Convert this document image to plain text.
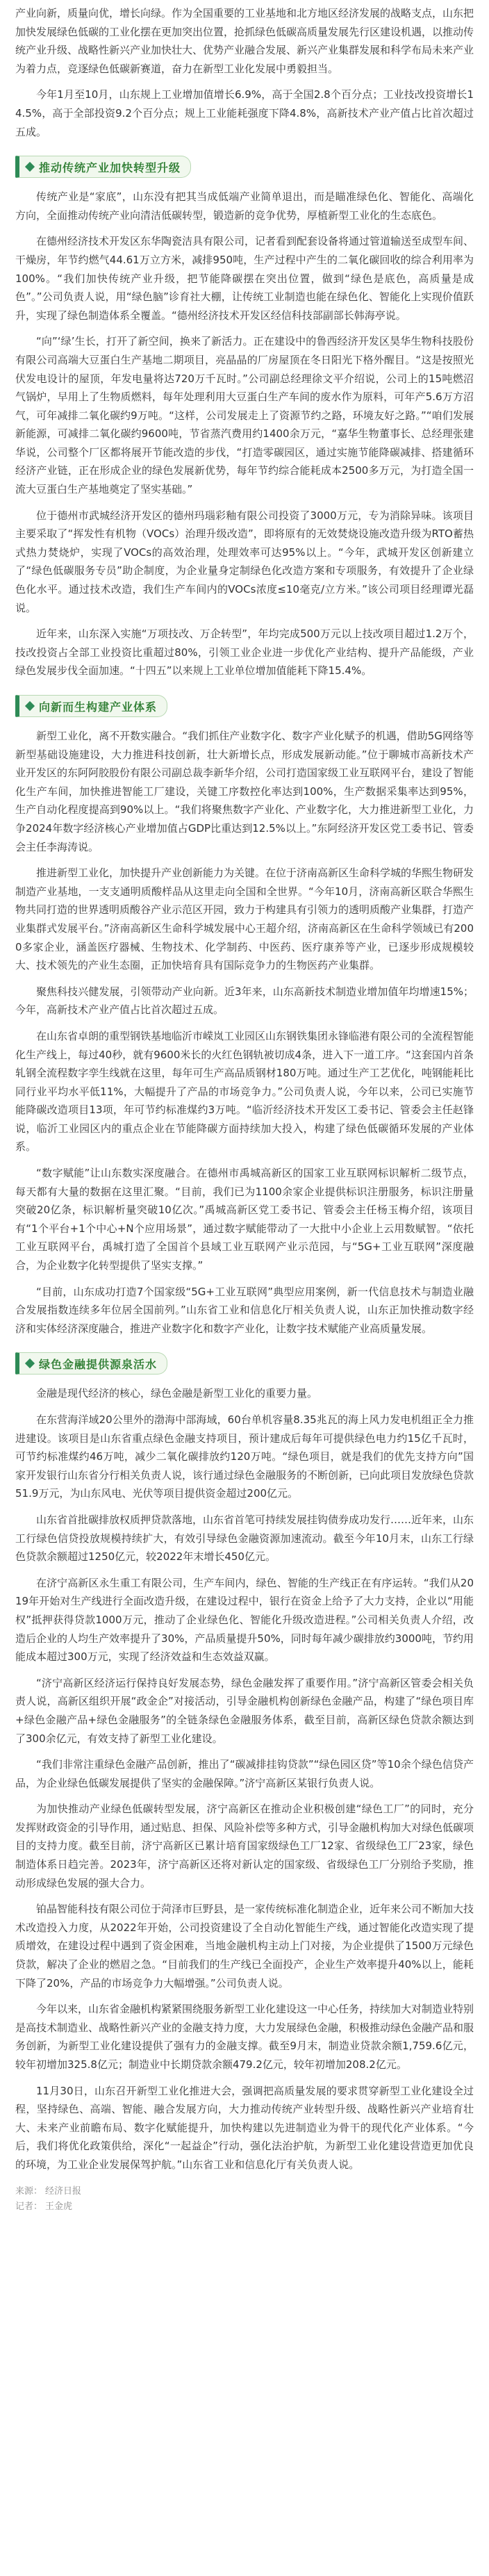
产业向新，质量向优，增长向绿。作为全国重要的工业基地和北方地区经济发展的战略支点，山东把加快发展绿色低碳的工业化摆在更加突出位置，抢抓绿色低碳高质量发展先行区建设机遇，以推动传统产业升级、战略性新兴产业加快壮大、优势产业融合发展、新兴产业集群发展和科学布局未来产业为着力点，竞逐绿色低碳新赛道，奋力在新型工业化发展中勇毅担当。

今年1月至10月，山东规上工业增加值增长6.9%，高于全国2.8个百分点；工业技改投资增长14.5%，高于全部投资9.2个百分点；规上工业能耗强度下降4.8%，高新技术产业产值占比首次超过五成。

推动传统产业加快转型升级

传统产业是“家底”，山东没有把其当成低端产业简单退出，而是瞄准绿色化、智能化、高端化方向，全面推动传统产业向清洁低碳转型，锻造新的竞争优势，厚植新型工业化的生态底色。

在德州经济技术开发区东华陶瓷洁具有限公司，记者看到配套设备将通过管道输送至成型车间、干燥房，年节约燃气44.61万立方米，减排950吨，生产过程中产生的二氧化碳回收的综合利用率为100%。“我们加快传统产业升级，把节能降碳摆在突出位置，做到“绿色是底色，高质量是成色”。”公司负责人说，用“绿色脑”诊育社大棚，让传统工业制造也能在绿色化、智能化上实现价值跃升，实现了绿色制造体系全覆盖。“德州经济技术开发区经信科技部副部长韩海亭说。

“向”‘绿’生长，打开了新空间，换来了新活力。正在建设中的鲁西经济开发区昊华生物科技股份有限公司高端大豆蛋白生产基地二期项目，亮晶晶的厂房屋顶在冬日阳光下格外醒目。“这是按照光伏发电设计的屋顶，年发电量将达720万千瓦时。”公司副总经理徐文平介绍说，公司上的15吨燃沼气锅炉，早用上了生物质燃料，每年处理利用大豆蛋白生产车间的废水作为原料，可年产5.6万方沼气，可年减排二氧化碳约9万吨。“这样，公司发展走上了资源节约之路，环境友好之路。”“咱们发展新能源，可减排二氧化碳约9600吨，节省蒸汽费用约1400余万元，“嘉华生物董事长、总经理张建华说，公司整个厂区都将展开节能改造的步伐，“打造零碳园区，通过实施节能降碳减排、搭建循环经济产业链，正在形成企业的绿色发展新优势，每年节约综合能耗成本2500多万元，为打造全国一流大豆蛋白生产基地奠定了坚实基础。”

位于德州市武城经济开发区的德州玛瑙彩釉有限公司投资了3000万元，专为消除异味。该项目主要采取了“挥发性有机物（VOCs）治理升级改造”，即将原有的无效焚烧设施改造升级为RTO蓄热式热力焚烧炉，实现了VOCs的高效治理，处理效率可达95%以上。“今年，武城开发区创新建立了“绿色低碳服务专员”助企制度，为企业量身定制绿色化改造方案和专项服务，有效提升了企业绿色化水平。通过技术改造，我们生产车间内的VOCs浓度≤10毫克/立方米。”该公司项目经理谭光磊说。

近年来，山东深入实施“万项技改、万企转型”，年均完成500万元以上技改项目超过1.2万个，技改投资占全部工业投资比重超过80%，引领工业企业进一步优化产业结构、提升产品能级，产业绿色发展步伐全面加速。“十四五”以来规上工业单位增加值能耗下降15.4%。

向新而生构建产业体系

新型工业化，离不开数实融合。“我们抓住产业数字化、数字产业化赋予的机遇，借助5G网络等新型基础设施建设，大力推进科技创新，壮大新增长点，形成发展新动能。”位于聊城市高新技术产业开发区的东阿阿胶股份有限公司副总裁李新华介绍，公司打造国家级工业互联网平台，建设了智能化生产车间，加快推进智能工厂建设，关键工序数控化率达到100%，生产数据采集率达到95%，生产自动化程度提高到90%以上。“我们将聚焦数字产业化、产业数字化，大力推进新型工业化，力争2024年数字经济核心产业增加值占GDP比重达到12.5%以上。”东阿经济开发区党工委书记、管委会主任李海涛说。

推进新型工业化，加快提升产业创新能力为关键。在位于济南高新区生命科学城的华熙生物研发制造产业基地，一支支通明质酸样品从这里走向全国和全世界。“今年10月，济南高新区联合华熙生物共同打造的世界透明质酸谷产业示范区开园，致力于构建具有引领力的透明质酸产业集群，打造产业集群式发展平台。”济南高新区生命科学城发展中心王超介绍，济南高新区在生命科学领域已有2000多家企业，涵盖医疗器械、生物技术、化学制药、中医药、医疗康养等产业，已逐步形成规模较大、技术领先的产业生态圈，正加快培育具有国际竞争力的生物医药产业集群。

聚焦科技兴健发展，引领带动产业向新。近3年来，山东高新技术制造业增加值年均增速15%；今年，高新技术产业产值占比首次超过五成。

在山东省卓朗的重型钢铁基地临沂市嵘岚工业园区山东钢铁集团永锋临港有限公司的全流程智能化生产线上，每过40秒，就有9600米长的火红色钢轨被切成4条，进入下一道工序。“这套国内首条轧钢全流程数字孪生线就在这里，每年可生产高品质钢材180万吨。通过生产工艺优化，吨钢能耗比同行业平均水平低11%，大幅提升了产品的市场竞争力。”公司负责人说，今年以来，公司已实施节能降碳改造项目13项，年可节约标准煤约3万吨。“临沂经济技术开发区工委书记、管委会主任赵锋说，临沂工业园区内的重点企业在节能降碳方面持续加大投入，构建了绿色低碳循环发展的产业体系。

“数字赋能”让山东数实深度融合。在德州市禹城高新区的国家工业互联网标识解析二级节点，每天都有大量的数据在这里汇聚。“目前，我们已为1100余家企业提供标识注册服务，标识注册量突破20亿条，标识解析量突破10亿次。”禹城高新区党工委书记、管委会主任杨玉梅介绍，该项目有“1个平台+1个中心+N个应用场景”，通过数字赋能带动了一大批中小企业上云用数赋智。“依托工业互联网平台，禹城打造了全国首个县域工业互联网产业示范园，与“5G+工业互联网”深度融合，为企业数字化转型提供了坚实支撑。”

“目前，山东成功打造7个国家级“5G+工业互联网”典型应用案例，新一代信息技术与制造业融合发展指数连续多年位居全国前列。”山东省工业和信息化厅相关负责人说，山东正加快推动数字经济和实体经济深度融合，推进产业数字化和数字产业化，让数字技术赋能产业高质量发展。

绿色金融提供源泉活水

金融是现代经济的核心，绿色金融是新型工业化的重要力量。

在东营海洋域20公里外的渤海中部海域，60台单机容量8.35兆瓦的海上风力发电机组正全力推进建设。该项目是山东省重点绿色金融支持项目，预计建成后每年可提供绿色电力约15亿千瓦时，可节约标准煤约46万吨，减少二氧化碳排放约120万吨。“绿色项目，就是我们的优先支持方向”国家开发银行山东省分行相关负责人说，该行通过绿色金融服务的不断创新，已向此项目发放绿色贷款51.9万元，为山东风电、光伏等项目提供资金超过200亿元。

山东省首批碳排放权质押贷款落地，山东省首笔可持续发展挂钩债券成功发行……近年来，山东工行绿色信贷投放规模持续扩大，有效引导绿色金融资源加速流动。截至今年10月末，山东工行绿色贷款余额超过1250亿元，较2022年末增长450亿元。

在济宁高新区永生重工有限公司，生产车间内，绿色、智能的生产线正在有序运转。“我们从2019年开始对生产线进行全面改造升级，在建设过程中，银行在资金上给予了大力支持，企业以“用能权”抵押获得贷款1000万元，推动了企业绿色化、智能化升级改造进程。”公司相关负责人介绍，改造后企业的人均生产效率提升了30%，产品质量提升50%，同时每年减少碳排放约3000吨，节约用能成本超过300万元，实现了经济效益和生态效益双赢。

“济宁高新区经济运行保持良好发展态势，绿色金融发挥了重要作用。”济宁高新区管委会相关负责人说，高新区组织开展“政金企”对接活动，引导金融机构创新绿色金融产品，构建了“绿色项目库+绿色金融产品+绿色金融服务”的全链条绿色金融服务体系，截至目前，高新区绿色贷款余额达到了300余亿元，有效支持了新型工业化建设。

“我们非常注重绿色金融产品创新，推出了“碳减排挂钩贷款”“绿色园区贷”等10余个绿色信贷产品，为企业绿色低碳发展提供了坚实的金融保障。”济宁高新区某银行负责人说。

为加快推动产业绿色低碳转型发展，济宁高新区在推动企业积极创建“绿色工厂”的同时，充分发挥财政资金的引导作用，通过贴息、担保、风险补偿等多种方式，引导金融机构加大对绿色低碳项目的支持力度。截至目前，济宁高新区已累计培育国家级绿色工厂12家、省级绿色工厂23家，绿色制造体系日趋完善。2023年，济宁高新区还将对新认定的国家级、省级绿色工厂分别给予奖励，推动形成绿色发展的强大合力。

铂晶智能科技有限公司位于菏泽市巨野县，是一家传统标准化制造企业，近年来公司不断加大技术改造投入力度，从2022年开始，公司投资建设了全自动化智能生产线，通过智能化改造实现了提质增效，在建设过程中遇到了资金困难，当地金融机构主动上门对接，为企业提供了1500万元绿色贷款，解决了企业的燃眉之急。“目前我们的生产线已全面投产，企业生产效率提升40%以上，能耗下降了20%，产品的市场竞争力大幅增强。”公司负责人说。

今年以来，山东省金融机构紧紧围绕服务新型工业化建设这一中心任务，持续加大对制造业特别是高技术制造业、战略性新兴产业的金融支持力度，大力发展绿色金融，积极推动绿色金融产品和服务创新，为新型工业化建设提供了强有力的金融支撑。截至9月末，制造业贷款余额1,759.6亿元，较年初增加325.8亿元；制造业中长期贷款余额479.2亿元，较年初增加208.2亿元。

11月30日，山东召开新型工业化推进大会，强调把高质量发展的要求贯穿新型工业化建设全过程，坚持绿色、高端、智能、融合发展方向，大力推动传统产业转型升级、战略性新兴产业培育壮大、未来产业前瞻布局、数字化赋能提升，加快构建以先进制造业为骨干的现代化产业体系。“今后，我们将优化政策供给，深化“一起益企”行动，强化法治护航，为新型工业化建设营造更加优良的环境，为工业企业发展保驾护航。”山东省工业和信息化厅有关负责人说。

来源： 经济日报
记者： 王金虎
